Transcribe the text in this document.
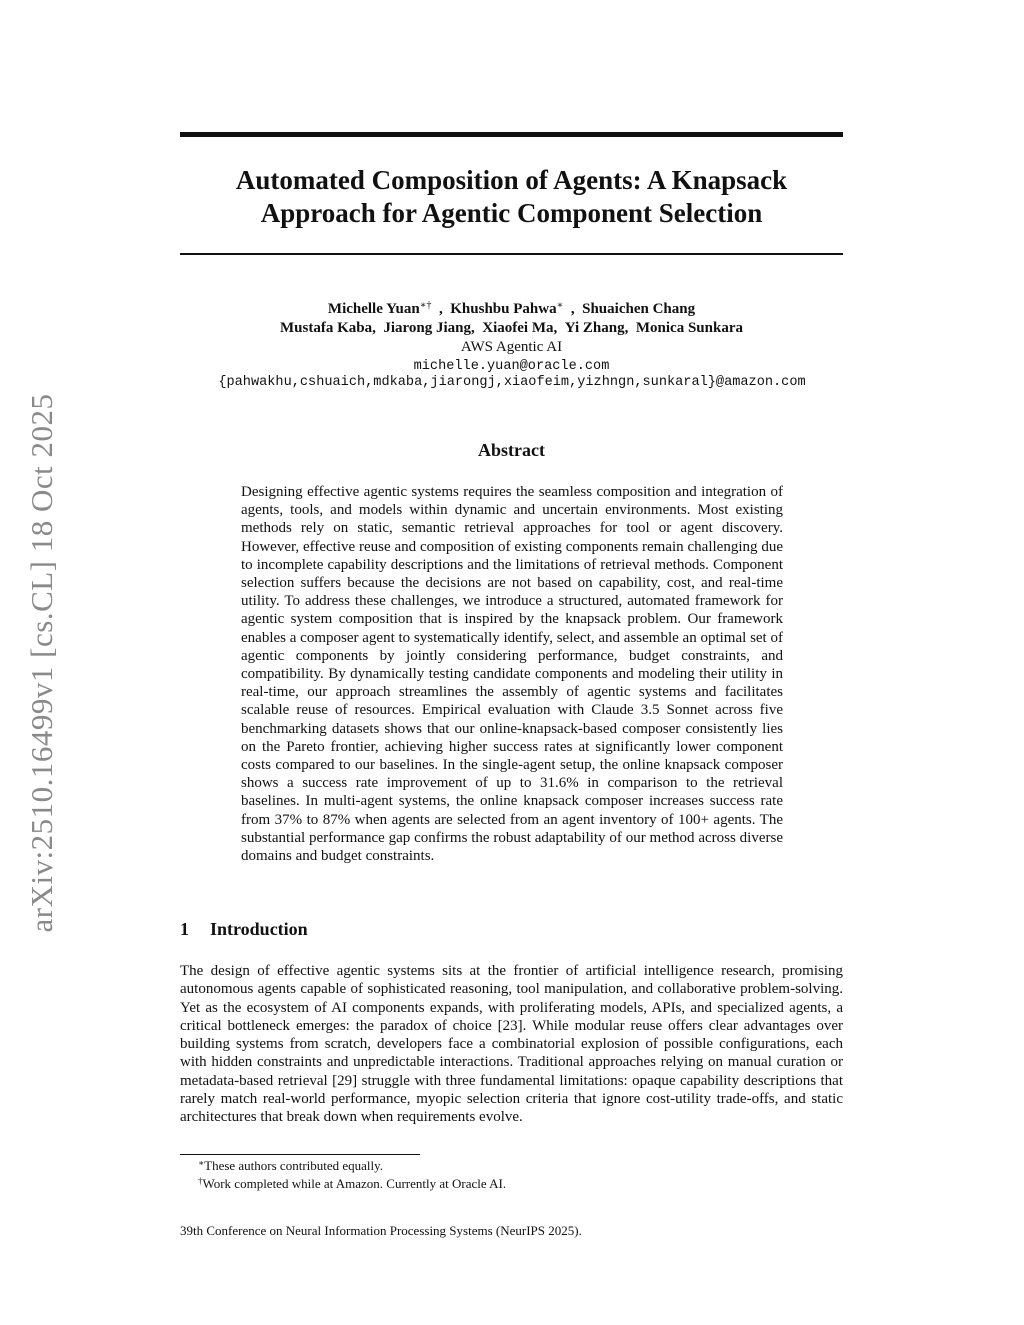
arXiv:2510.16499v1 [cs.CL] 18 Oct 2025
Automated Composition of Agents: A Knapsack
Approach for Agentic Component Selection
Michelle Yuan∗†  ,  Khushbu Pahwa∗  ,  Shuaichen Chang
Mustafa Kaba,  Jiarong Jiang,  Xiaofei Ma,  Yi Zhang,  Monica Sunkara
AWS Agentic AI
michelle.yuan@oracle.com
{pahwakhu,cshuaich,mdkaba,jiarongj,xiaofeim,yizhngn,sunkaral}@amazon.com
Abstract
Designing effective agentic systems requires the seamless composition and integration of agents, tools, and models within dynamic and uncertain environments. Most existing methods rely on static, semantic retrieval approaches for tool or agent discovery. However, effective reuse and composition of existing components remain challenging due to incomplete capability descriptions and the limitations of retrieval methods. Component selection suffers because the decisions are not based on capability, cost, and real-time utility. To address these challenges, we introduce a structured, automated framework for agentic system composition that is inspired by the knapsack problem. Our framework enables a composer agent to systematically identify, select, and assemble an optimal set of agentic components by jointly considering performance, budget constraints, and compatibility. By dynamically testing candidate components and modeling their utility in real-time, our approach streamlines the assembly of agentic systems and facilitates scalable reuse of resources. Empirical evaluation with Claude 3.5 Sonnet across five benchmarking datasets shows that our online-knapsack-based composer consistently lies on the Pareto frontier, achieving higher success rates at significantly lower component costs compared to our baselines. In the single-agent setup, the online knapsack composer shows a success rate improvement of up to 31.6% in comparison to the retrieval baselines. In multi-agent systems, the online knapsack composer increases success rate from 37% to 87% when agents are selected from an agent inventory of 100+ agents. The substantial performance gap confirms the robust adaptability of our method across diverse domains and budget constraints.
1 Introduction
The design of effective agentic systems sits at the frontier of artificial intelligence research, promising autonomous agents capable of sophisticated reasoning, tool manipulation, and collaborative problem-solving. Yet as the ecosystem of AI components expands, with proliferating models, APIs, and specialized agents, a critical bottleneck emerges: the paradox of choice [23]. While modular reuse offers clear advantages over building systems from scratch, developers face a combinatorial explosion of possible configurations, each with hidden constraints and unpredictable interactions. Traditional approaches relying on manual curation or metadata-based retrieval [29] struggle with three fundamental limitations: opaque capability descriptions that rarely match real-world performance, myopic selection criteria that ignore cost-utility trade-offs, and static architectures that break down when requirements evolve.
∗These authors contributed equally.
†Work completed while at Amazon. Currently at Oracle AI.
39th Conference on Neural Information Processing Systems (NeurIPS 2025).
